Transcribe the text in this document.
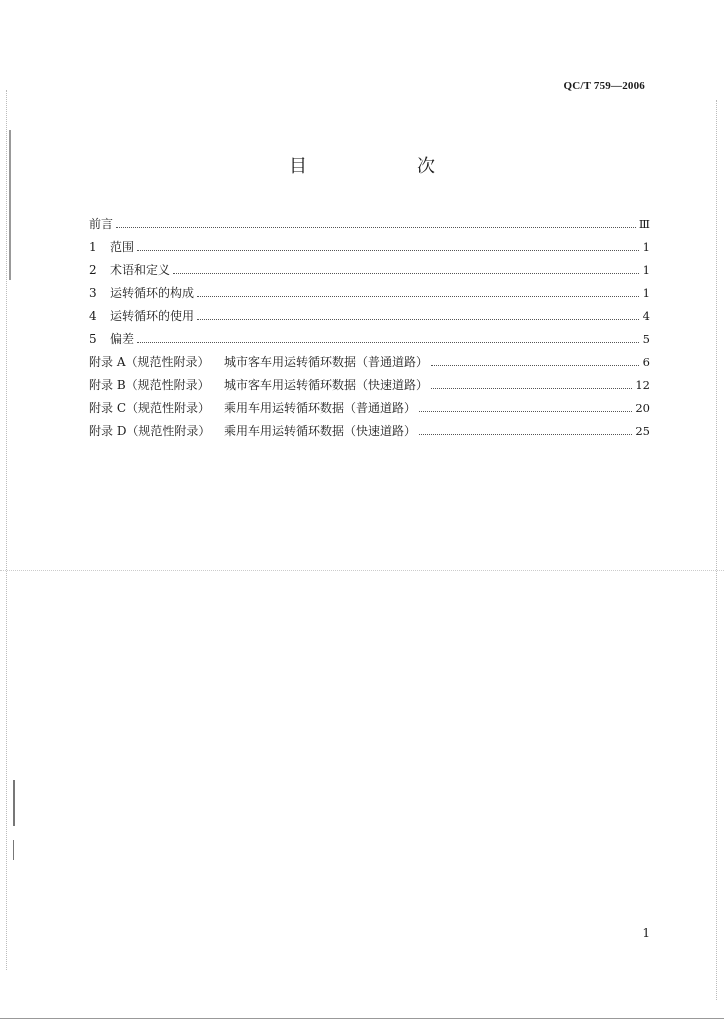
QC/T 759—2006
目　次
前言	Ⅲ
1	范围	1
2	术语和定义	1
3	运转循环的构成	1
4	运转循环的使用	4
5	偏差	5
附录 A（规范性附录） 城市客车用运转循环数据（普通道路）	6
附录 B（规范性附录） 城市客车用运转循环数据（快速道路）	12
附录 C（规范性附录） 乘用车用运转循环数据（普通道路）	20
附录 D（规范性附录） 乘用车用运转循环数据（快速道路）	25
1
